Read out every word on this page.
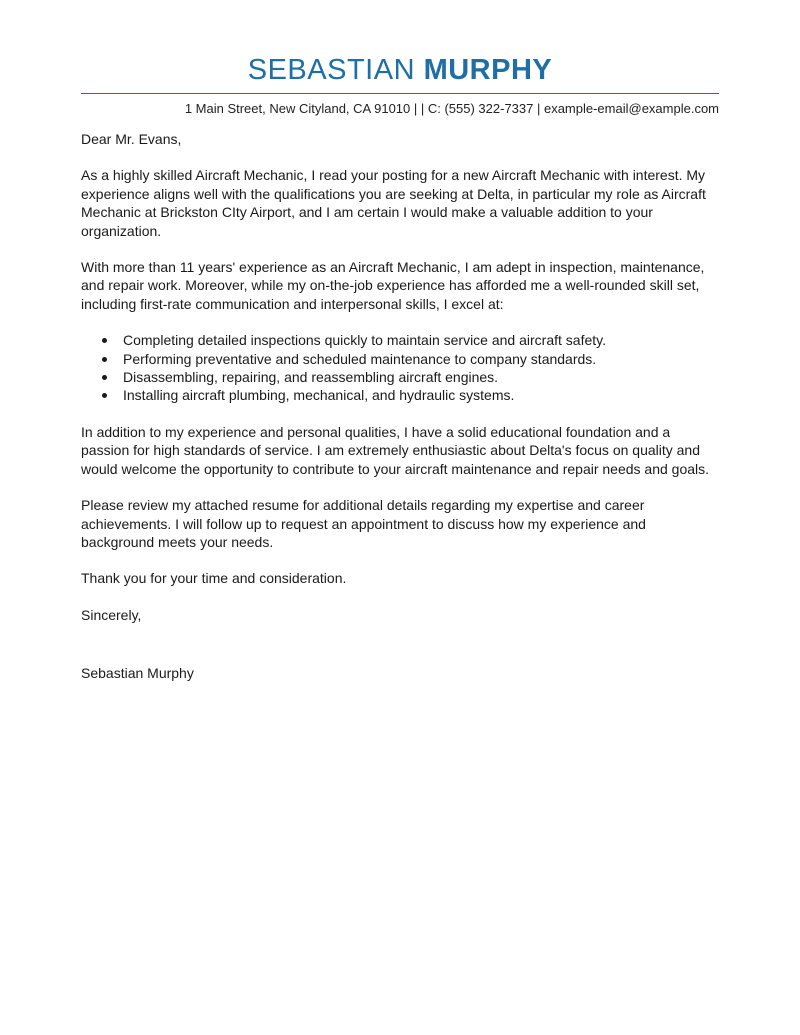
SEBASTIAN MURPHY
1 Main Street, New Cityland, CA 91010 | | C: (555) 322-7337 | example-email@example.com

Dear Mr. Evans,

As a highly skilled Aircraft Mechanic, I read your posting for a new Aircraft Mechanic with interest. My experience aligns well with the qualifications you are seeking at Delta, in particular my role as Aircraft Mechanic at Brickston CIty Airport, and I am certain I would make a valuable addition to your organization.

With more than 11 years' experience as an Aircraft Mechanic, I am adept in inspection, maintenance, and repair work. Moreover, while my on-the-job experience has afforded me a well-rounded skill set, including first-rate communication and interpersonal skills, I excel at:

Completing detailed inspections quickly to maintain service and aircraft safety.
Performing preventative and scheduled maintenance to company standards.
Disassembling, repairing, and reassembling aircraft engines.
Installing aircraft plumbing, mechanical, and hydraulic systems.

In addition to my experience and personal qualities, I have a solid educational foundation and a passion for high standards of service. I am extremely enthusiastic about Delta's focus on quality and would welcome the opportunity to contribute to your aircraft maintenance and repair needs and goals.

Please review my attached resume for additional details regarding my expertise and career achievements. I will follow up to request an appointment to discuss how my experience and background meets your needs.

Thank you for your time and consideration.

Sincerely,

Sebastian Murphy
